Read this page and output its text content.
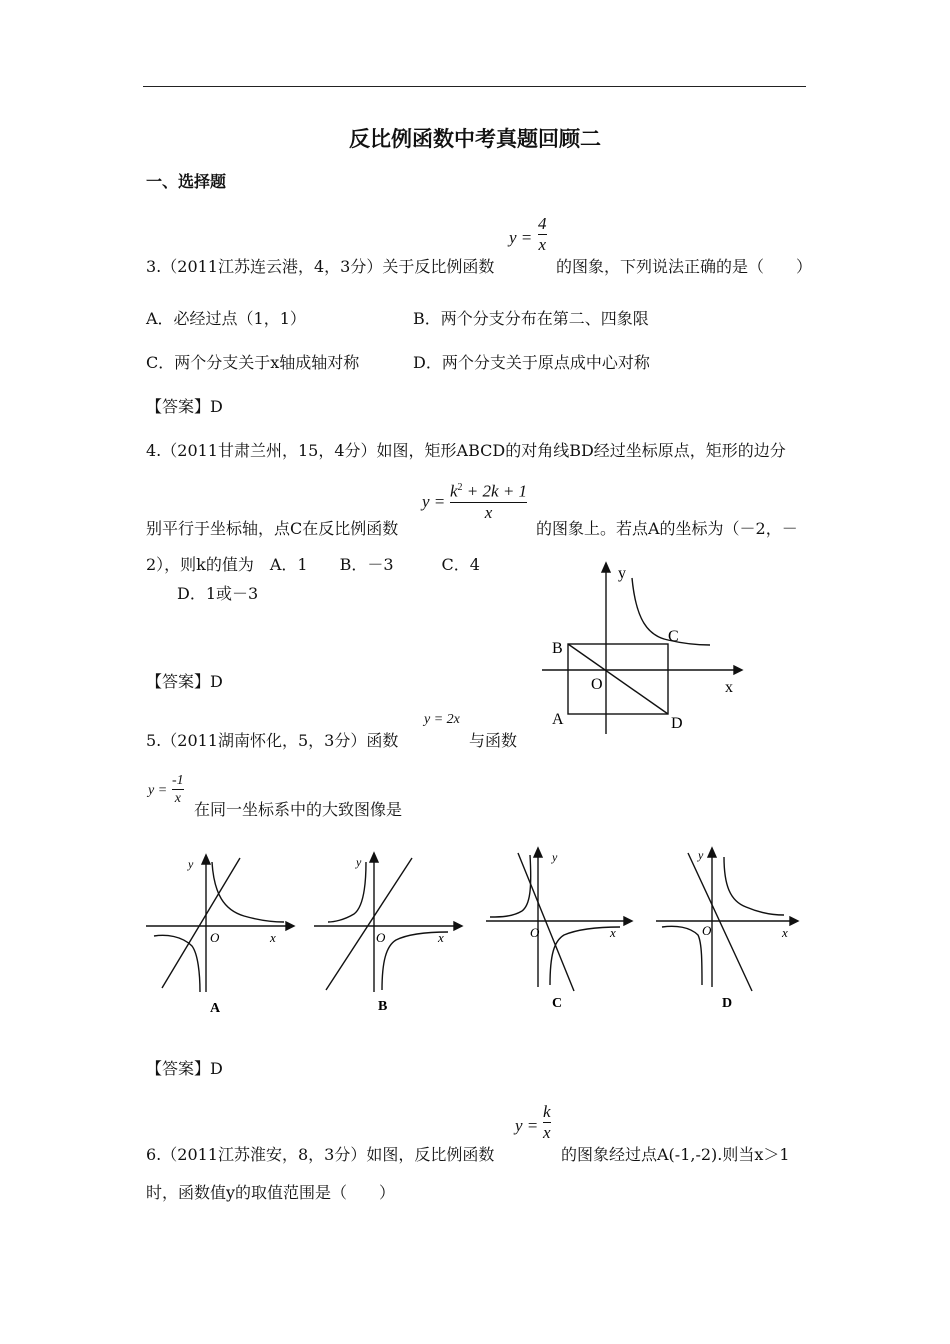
反比例函数中考真题回顾二
一、选择题
y =
4
x
3.（2011江苏连云港，4，3分）关于反比例函数	的图象，下列说法正确的是（　　）
A．必经过点（1，1）	B．两个分支分布在第二、四象限
C．两个分支关于x轴成轴对称	D．两个分支关于原点成中心对称
【答案】D
4.（2011甘肃兰州，15，4分）如图，矩形ABCD的对角线BD经过坐标原点，矩形的边分
y =
$k^2 + 2k + 1$
x
别平行于坐标轴，点C在反比例函数	的图象上。若点A的坐标为（－2，－
2），则k的值为　A．1　　B．－3　　　C．4
D．1或－3
【答案】D
y
x
O
B
C
A	D
y = 2x
5.（2011湖南怀化，5，3分）函数	与函数
y =
-1
x
在同一坐标系中的大致图像是
y
O	x
A
y
O	x
B
y
O	x
C
y
O	x
D
【答案】D
y =
k
x
6.（2011江苏淮安，8，3分）如图，反比例函数	的图象经过点A(-1,-2).则当x＞1
时，函数值y的取值范围是（　　）
